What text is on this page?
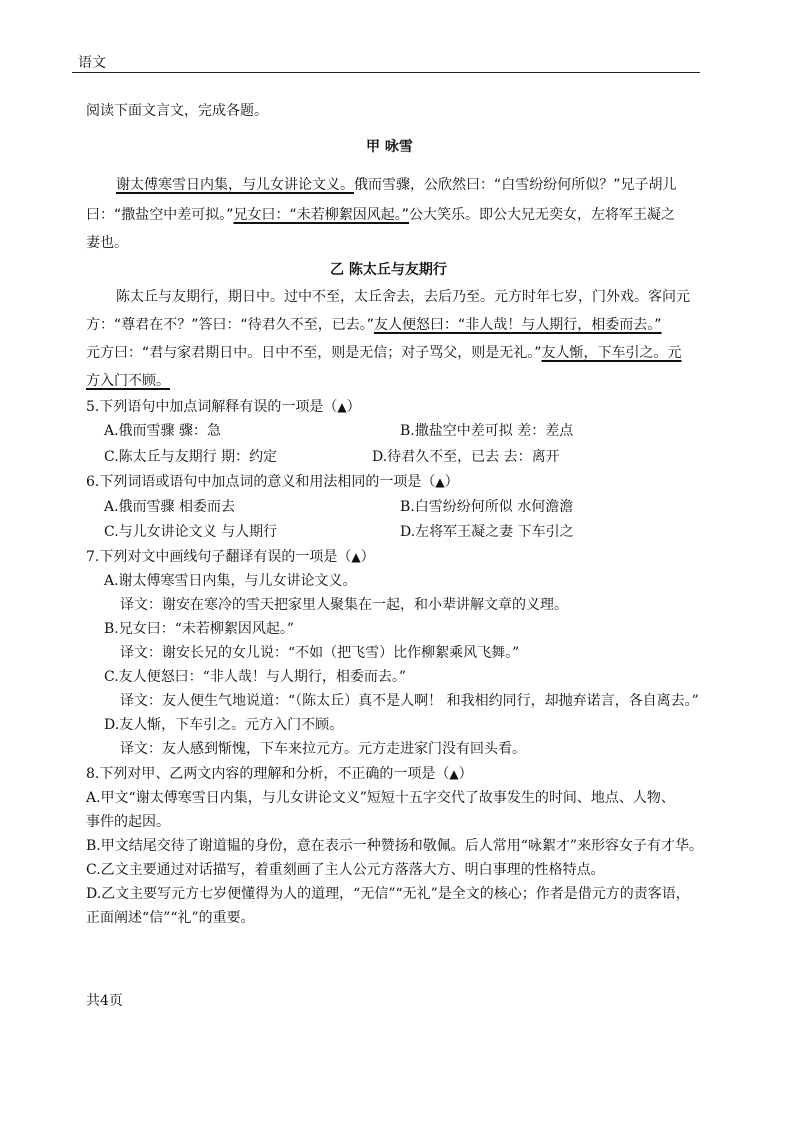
语文
阅读下面文言文，完成各题。
甲 咏雪
谢太傅寒雪日内集，与儿女讲论文义。俄而雪骤，公欣然曰：“白雪纷纷何所似？”兄子胡儿
曰：“撒盐空中差可拟。”兄女曰：“未若柳絮因风起。”公大笑乐。即公大兄无奕女，左将军王凝之
妻也。
乙 陈太丘与友期行
陈太丘与友期行，期日中。过中不至，太丘舍去，去后乃至。元方时年七岁，门外戏。客问元
方：“尊君在不？”答曰：“待君久不至，已去。”友人便怒曰：“非人哉！与人期行，相委而去。”
元方曰：“君与家君期日中。日中不至，则是无信；对子骂父，则是无礼。”友人惭，下车引之。元
方入门不顾。
5.下列语句中加点词解释有误的一项是（▲）
A.俄而雪骤 骤：急	B.撒盐空中差可拟 差：差点
C.陈太丘与友期行 期：约定	D.待君久不至，已去 去：离开
6.下列词语或语句中加点词的意义和用法相同的一项是（▲）
A.俄而雪骤 相委而去	B.白雪纷纷何所似 水何澹澹
C.与儿女讲论文义 与人期行	D.左将军王凝之妻 下车引之
7.下列对文中画线句子翻译有误的一项是（▲）
A.谢太傅寒雪日内集，与儿女讲论文义。
译文：谢安在寒冷的雪天把家里人聚集在一起，和小辈讲解文章的义理。
B.兄女曰：“未若柳絮因风起。”
译文：谢安长兄的女儿说：“不如（把飞雪）比作柳絮乘风飞舞。”
C.友人便怒曰：“非人哉！与人期行，相委而去。”
译文：友人便生气地说道：“（陈太丘）真不是人啊！ 和我相约同行，却抛弃诺言，各自离去。”
D.友人惭，下车引之。元方入门不顾。
译文：友人感到惭愧，下车来拉元方。元方走进家门没有回头看。
8.下列对甲、乙两文内容的理解和分析，不正确的一项是（▲）
A.甲文“谢太傅寒雪日内集，与儿女讲论文义”短短十五字交代了故事发生的时间、地点、人物、
事件的起因。
B.甲文结尾交待了谢道韫的身份，意在表示一种赞扬和敬佩。后人常用“咏絮才”来形容女子有才华。
C.乙文主要通过对话描写，着重刻画了主人公元方落落大方、明白事理的性格特点。
D.乙文主要写元方七岁便懂得为人的道理，“无信”“无礼”是全文的核心；作者是借元方的责客语，
正面阐述“信”“礼”的重要。
共4页
